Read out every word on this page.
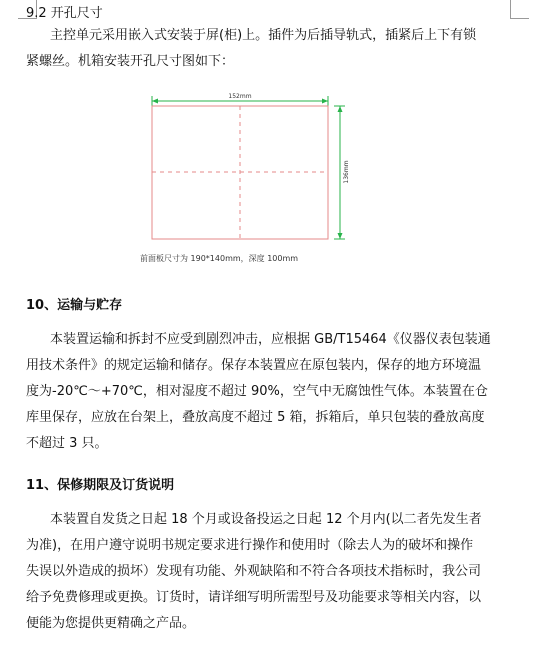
9.2 开孔尺寸
主控单元采用嵌入式安装于屏(柜)上。插件为后插导轨式，插紧后上下有锁
紧螺丝。机箱安装开孔尺寸图如下：
152mm
136mm
前面板尺寸为 190*140mm，深度 100mm
10、运输与贮存
本装置运输和拆封不应受到剧烈冲击，应根据 GB/T15464《仪器仪表包装通
用技术条件》的规定运输和储存。保存本装置应在原包装内，保存的地方环境温
度为-20℃～+70℃，相对湿度不超过 90%，空气中无腐蚀性气体。本装置在仓
库里保存，应放在台架上，叠放高度不超过 5 箱，拆箱后，单只包装的叠放高度
不超过 3 只。
11、保修期限及订货说明
本装置自发货之日起 18 个月或设备投运之日起 12 个月内(以二者先发生者
为准)，在用户遵守说明书规定要求进行操作和使用时（除去人为的破坏和操作
失误以外造成的损坏）发现有功能、外观缺陷和不符合各项技术指标时，我公司
给予免费修理或更换。订货时，请详细写明所需型号及功能要求等相关内容，以
便能为您提供更精确之产品。
